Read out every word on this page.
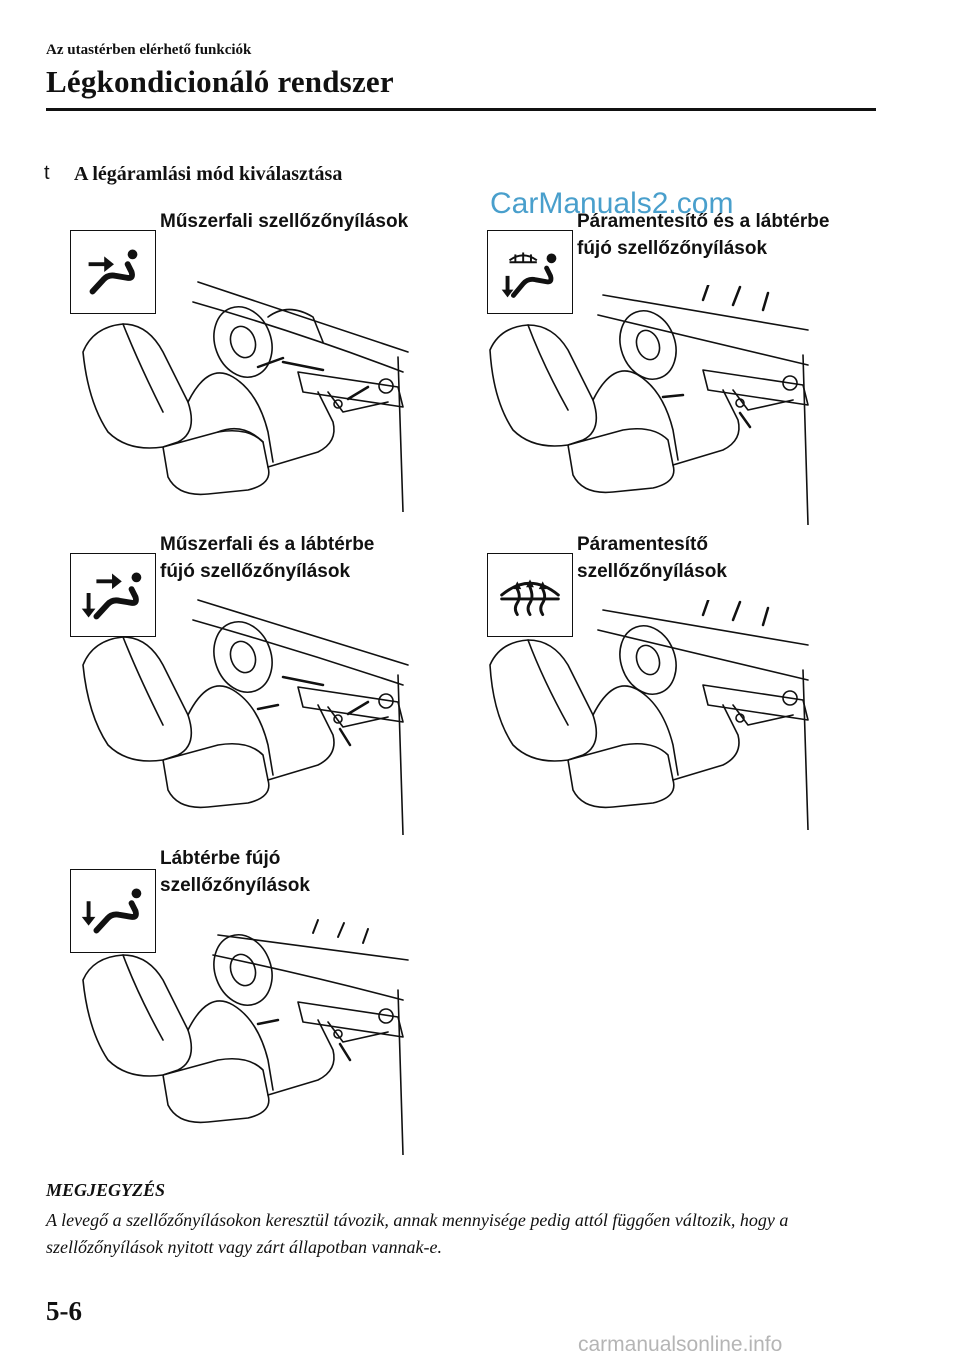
Az utastérben elérhető funkciók
Légkondicionáló rendszer
t A légáramlási mód kiválasztása
CarManuals2.com
Műszerfali szellőzőnyílások	Páramentesítő és a lábtérbe
fújó szellőzőnyílások
Műszerfali és a lábtérbe
fújó szellőzőnyílások
Páramentesítő
szellőzőnyílások
Lábtérbe fújó
szellőzőnyílások
MEGJEGYZÉS
A levegő a szellőzőnyílásokon keresztül távozik, annak mennyisége pedig attól függően változik, hogy a szellőzőnyílások nyitott vagy zárt állapotban vannak-e.
5-6
carmanualsonline.info
